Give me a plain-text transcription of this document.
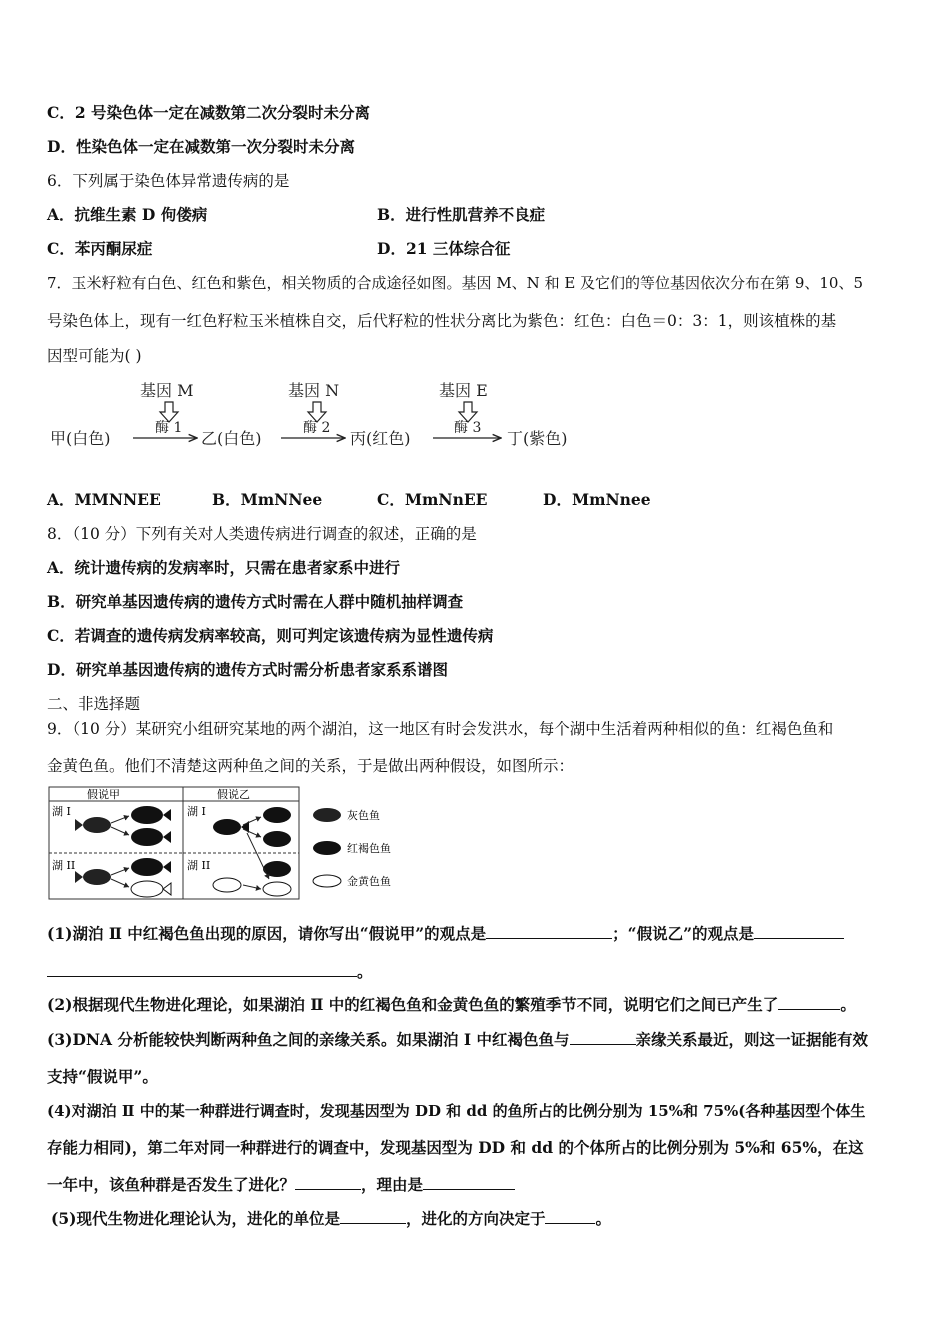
C．2 号染色体一定在减数第二次分裂时未分离
D．性染色体一定在减数第一次分裂时未分离
6．下列属于染色体异常遗传病的是
A．抗维生素 D 佝偻病	B．进行性肌营养不良症
C．苯丙酮尿症	D．21 三体综合征
7．玉米籽粒有白色、红色和紫色，相关物质的合成途径如图。基因 M、N 和 E 及它们的等位基因依次分布在第 9、10、5
号染色体上，现有一红色籽粒玉米植株自交，后代籽粒的性状分离比为紫色：红色：白色＝0：3：1，则该植株的基
因型可能为( )
基因 M	基因 N	基因 E
甲(白色)	乙(白色)	丙(红色)	丁(紫色)
酶 1	酶 2	酶 3
A．MMNNEE	B．MmNNee	C．MmNnEE	D．MmNnee
8．（10 分）下列有关对人类遗传病进行调查的叙述，正确的是
A．统计遗传病的发病率时，只需在患者家系中进行
B．研究单基因遗传病的遗传方式时需在人群中随机抽样调查
C．若调查的遗传病发病率较高，则可判定该遗传病为显性遗传病
D．研究单基因遗传病的遗传方式时需分析患者家系系谱图
二、非选择题
9．（10 分）某研究小组研究某地的两个湖泊，这一地区有时会发洪水，每个湖中生活着两种相似的鱼：红褐色鱼和
金黄色鱼。他们不清楚这两种鱼之间的关系，于是做出两种假设，如图所示：
假说甲
湖 I
湖 II
假说乙
湖 I
湖 II
灰色鱼
红褐色鱼
金黄色鱼
(1)湖泊 Ⅱ 中红褐色鱼出现的原因，请你写出“假说甲”的观点是	；“假说乙”的观点是
。
(2)根据现代生物进化理论，如果湖泊 Ⅱ 中的红褐色鱼和金黄色鱼的繁殖季节不同，说明它们之间已产生了	。
(3)DNA 分析能较快判断两种鱼之间的亲缘关系。如果湖泊 Ⅰ 中红褐色鱼与	亲缘关系最近，则这一证据能有效
支持“假说甲”。
(4)对湖泊 Ⅱ 中的某一种群进行调查时，发现基因型为 DD 和 dd 的鱼所占的比例分别为 15%和 75%(各种基因型个体生
存能力相同)，第二年对同一种群进行的调查中，发现基因型为 DD 和 dd 的个体所占的比例分别为 5%和 65%，在这
一年中，该鱼种群是否发生了进化？	，理由是
(5)现代生物进化理论认为，进化的单位是	，进化的方向决定于	。
